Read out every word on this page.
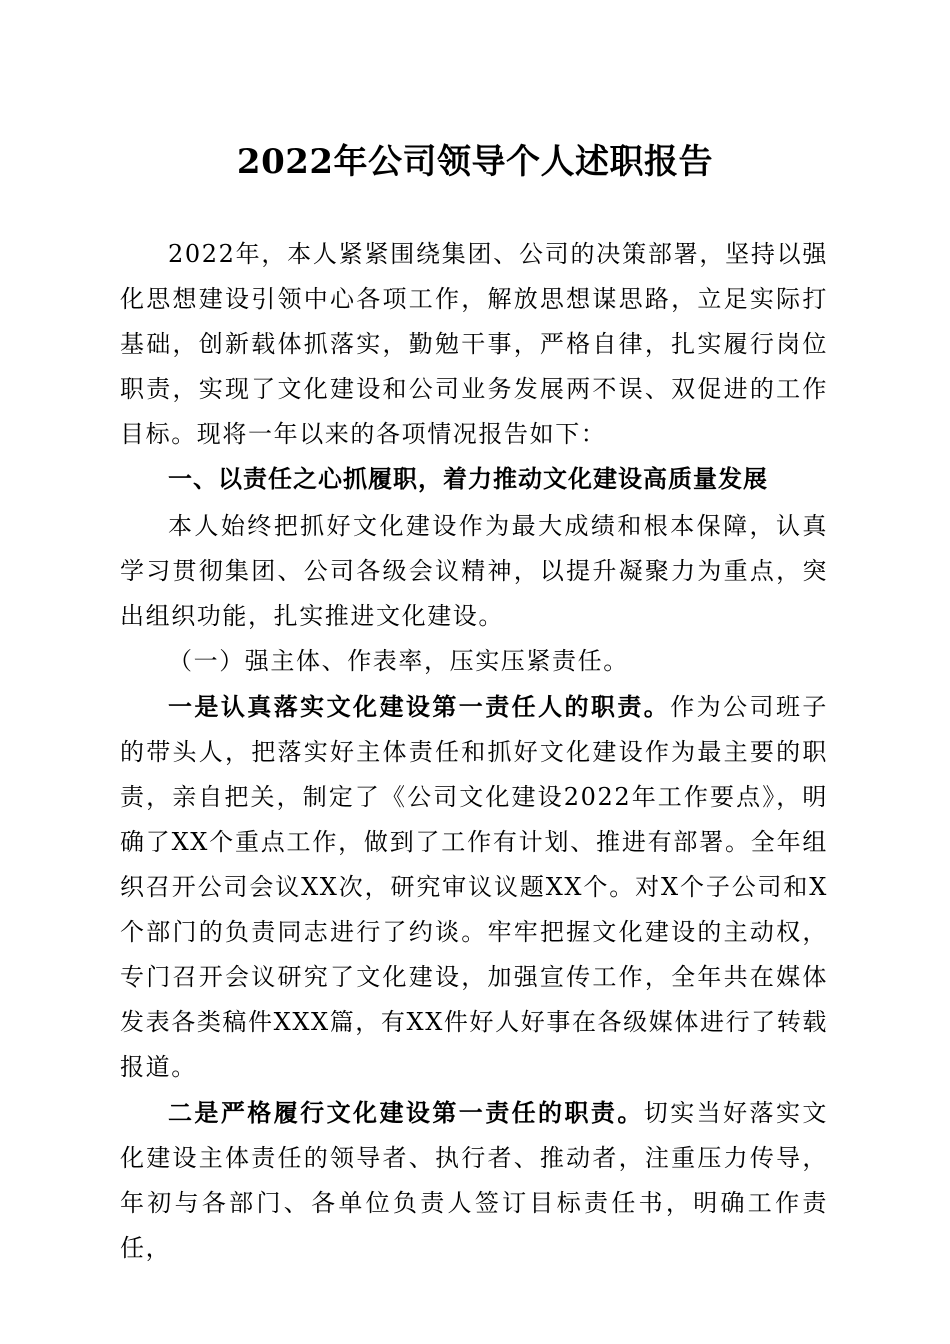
2022年公司领导个人述职报告

2022年，本人紧紧围绕集团、公司的决策部署，坚持以强化思想建设引领中心各项工作，解放思想谋思路，立足实际打基础，创新载体抓落实，勤勉干事，严格自律，扎实履行岗位职责，实现了文化建设和公司业务发展两不误、双促进的工作目标。现将一年以来的各项情况报告如下：

一、以责任之心抓履职，着力推动文化建设高质量发展

本人始终把抓好文化建设作为最大成绩和根本保障，认真学习贯彻集团、公司各级会议精神，以提升凝聚力为重点，突出组织功能，扎实推进文化建设。

（一）强主体、作表率，压实压紧责任。

一是认真落实文化建设第一责任人的职责。作为公司班子的带头人，把落实好主体责任和抓好文化建设作为最主要的职责，亲自把关，制定了《公司文化建设2022年工作要点》，明确了XX个重点工作，做到了工作有计划、推进有部署。全年组织召开公司会议XX次，研究审议议题XX个。对X个子公司和X个部门的负责同志进行了约谈。牢牢把握文化建设的主动权，专门召开会议研究了文化建设，加强宣传工作，全年共在媒体发表各类稿件XXX篇，有XX件好人好事在各级媒体进行了转载报道。

二是严格履行文化建设第一责任的职责。切实当好落实文化建设主体责任的领导者、执行者、推动者，注重压力传导，年初与各部门、各单位负责人签订目标责任书，明确工作责任，
